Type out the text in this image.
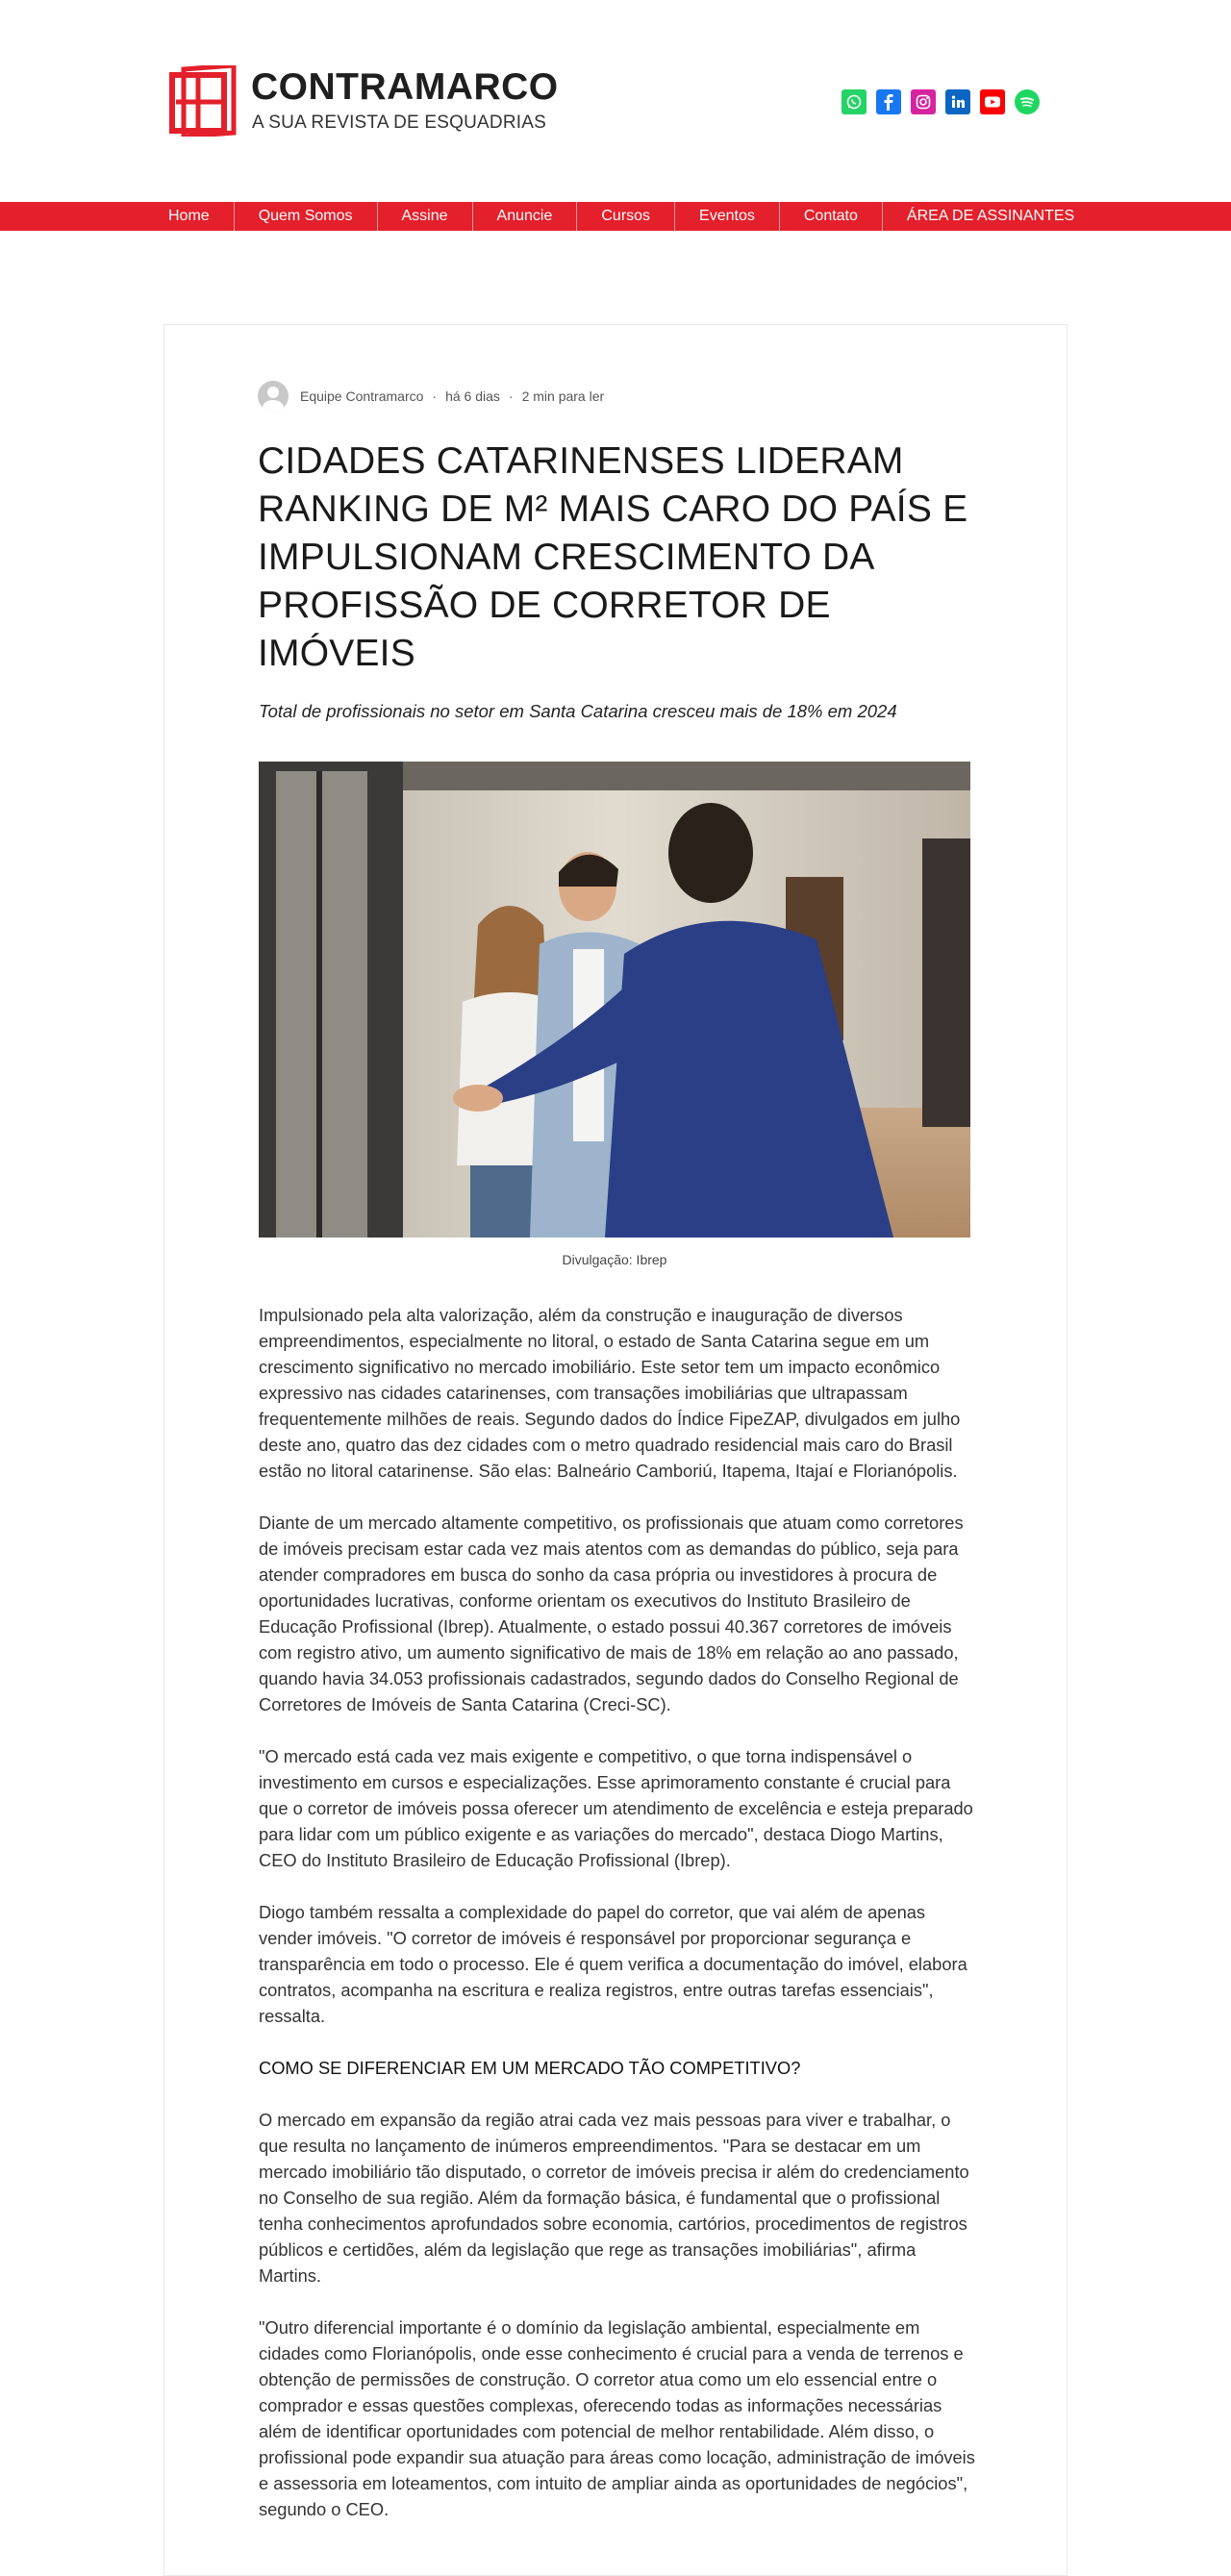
CONTRAMARCO
A SUA REVISTA DE ESQUADRIAS
Home	Quem Somos	Assine	Anuncie	Cursos	Eventos	Contato	ÁREA DE ASSINANTES
Equipe Contramarco · há 6 dias · 2 min para ler
CIDADES CATARINENSES LIDERAM RANKING DE M² MAIS CARO DO PAÍS E IMPULSIONAM CRESCIMENTO DA PROFISSÃO DE CORRETOR DE IMÓVEIS
Total de profissionais no setor em Santa Catarina cresceu mais de 18% em 2024
Divulgação: Ibrep

Impulsionado pela alta valorização, além da construção e inauguração de diversos empreendimentos, especialmente no litoral, o estado de Santa Catarina segue em um crescimento significativo no mercado imobiliário. Este setor tem um impacto econômico expressivo nas cidades catarinenses, com transações imobiliárias que ultrapassam frequentemente milhões de reais. Segundo dados do Índice FipeZAP, divulgados em julho deste ano, quatro das dez cidades com o metro quadrado residencial mais caro do Brasil estão no litoral catarinense. São elas: Balneário Camboriú, Itapema, Itajaí e Florianópolis.

Diante de um mercado altamente competitivo, os profissionais que atuam como corretores de imóveis precisam estar cada vez mais atentos com as demandas do público, seja para atender compradores em busca do sonho da casa própria ou investidores à procura de oportunidades lucrativas, conforme orientam os executivos do Instituto Brasileiro de Educação Profissional (Ibrep). Atualmente, o estado possui 40.367 corretores de imóveis com registro ativo, um aumento significativo de mais de 18% em relação ao ano passado, quando havia 34.053 profissionais cadastrados, segundo dados do Conselho Regional de Corretores de Imóveis de Santa Catarina (Creci-SC).

"O mercado está cada vez mais exigente e competitivo, o que torna indispensável o investimento em cursos e especializações. Esse aprimoramento constante é crucial para que o corretor de imóveis possa oferecer um atendimento de excelência e esteja preparado para lidar com um público exigente e as variações do mercado", destaca Diogo Martins, CEO do Instituto Brasileiro de Educação Profissional (Ibrep).

Diogo também ressalta a complexidade do papel do corretor, que vai além de apenas vender imóveis. "O corretor de imóveis é responsável por proporcionar segurança e transparência em todo o processo. Ele é quem verifica a documentação do imóvel, elabora contratos, acompanha na escritura e realiza registros, entre outras tarefas essenciais", ressalta.

COMO SE DIFERENCIAR EM UM MERCADO TÃO COMPETITIVO?

O mercado em expansão da região atrai cada vez mais pessoas para viver e trabalhar, o que resulta no lançamento de inúmeros empreendimentos. "Para se destacar em um mercado imobiliário tão disputado, o corretor de imóveis precisa ir além do credenciamento no Conselho de sua região. Além da formação básica, é fundamental que o profissional tenha conhecimentos aprofundados sobre economia, cartórios, procedimentos de registros públicos e certidões, além da legislação que rege as transações imobiliárias", afirma Martins.

"Outro diferencial importante é o domínio da legislação ambiental, especialmente em cidades como Florianópolis, onde esse conhecimento é crucial para a venda de terrenos e obtenção de permissões de construção. O corretor atua como um elo essencial entre o comprador e essas questões complexas, oferecendo todas as informações necessárias além de identificar oportunidades com potencial de melhor rentabilidade. Além disso, o profissional pode expandir sua atuação para áreas como locação, administração de imóveis e assessoria em loteamentos, com intuito de ampliar ainda as oportunidades de negócios", segundo o CEO.
